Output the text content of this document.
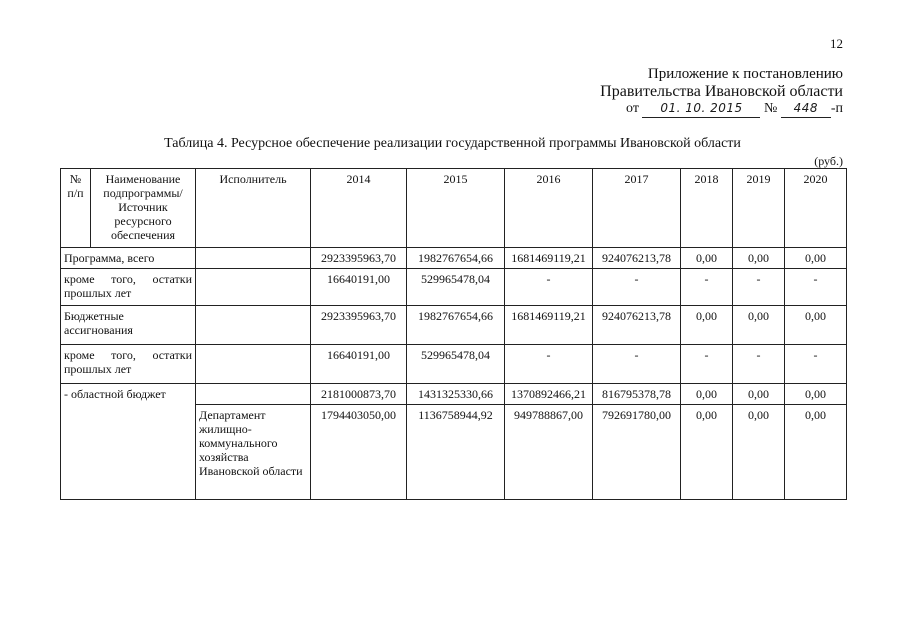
12
Приложение к постановлению
Правительства Ивановской области
от 01. 10. 2015 № 448 -п
Таблица 4. Ресурсное обеспечение реализации государственной программы Ивановской области
(руб.)
№ п/п	Наименование подпрограммы/ Источник ресурсного обеспечения	Исполнитель	2014	2015	2016	2017	2018	2019	2020
Программа, всего			2923395963,70	1982767654,66	1681469119,21	924076213,78	0,00	0,00	0,00
кроме того, остатки прошлых лет			16640191,00	529965478,04	-	-	-	-	-
Бюджетные ассигнования			2923395963,70	1982767654,66	1681469119,21	924076213,78	0,00	0,00	0,00
кроме того, остатки прошлых лет			16640191,00	529965478,04	-	-	-	-	-
- областной бюджет			2181000873,70	1431325330,66	1370892466,21	816795378,78	0,00	0,00	0,00
		Департамент жилищно-коммунального хозяйства Ивановской области	1794403050,00	1136758944,92	949788867,00	792691780,00	0,00	0,00	0,00
